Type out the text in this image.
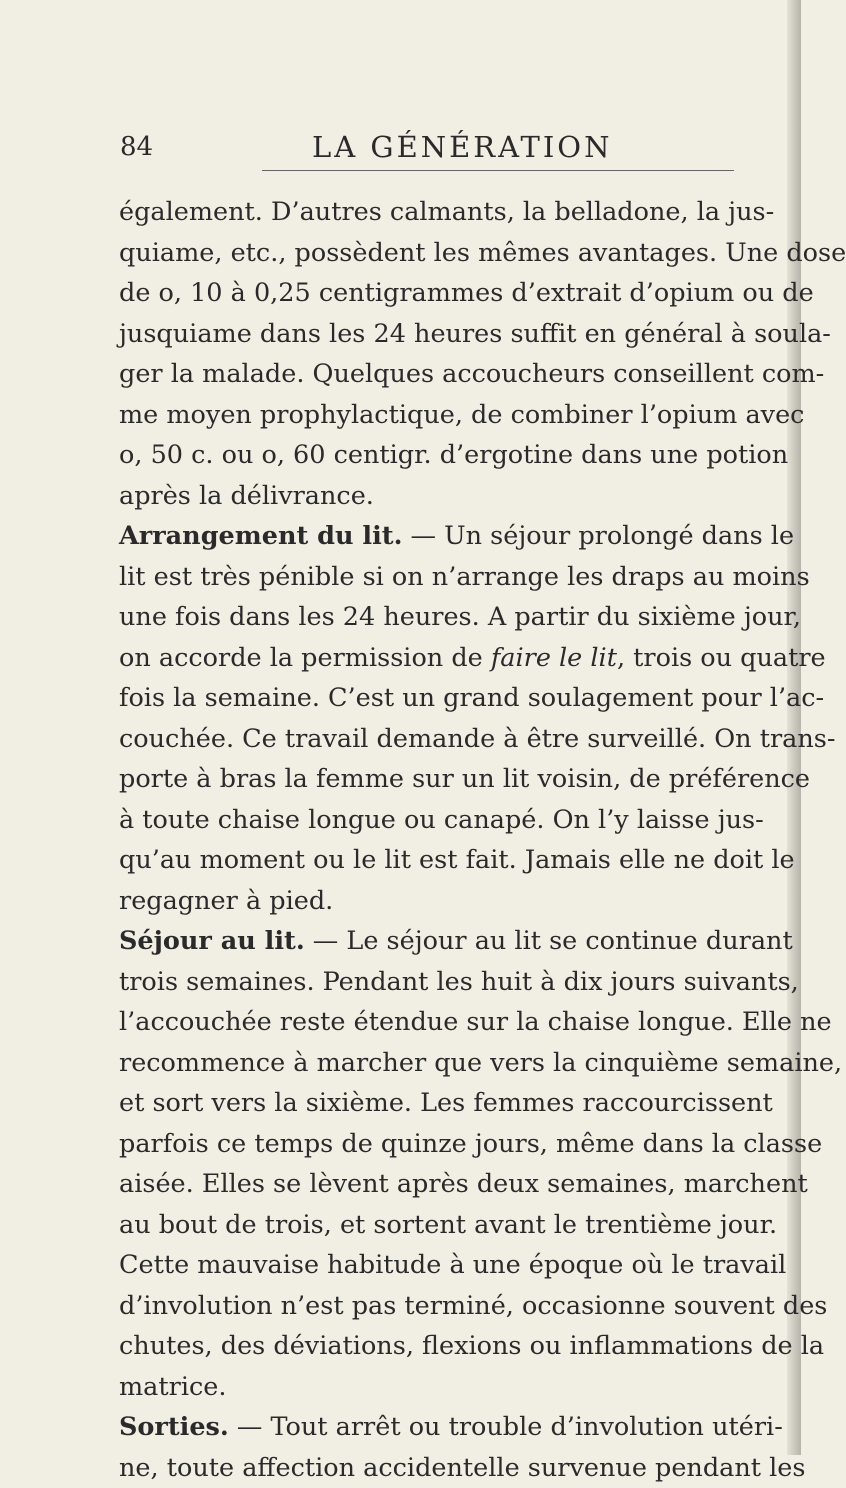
84	LA GÉNÉRATION
également. D’autres calmants, la belladone, la jus-
quiame, etc., possèdent les mêmes avantages. Une dose
de o, 10 à 0,25 centigrammes d’extrait d’opium ou de
jusquiame dans les 24 heures suffit en général à soula-
ger la malade. Quelques accoucheurs conseillent com-
me moyen prophylactique, de combiner l’opium avec
o, 50 c. ou o, 60 centigr. d’ergotine dans une potion
après la délivrance.
Arrangement du lit. — Un séjour prolongé dans le
lit est très pénible si on n’arrange les draps au moins
une fois dans les 24 heures. A partir du sixième jour,
on accorde la permission de faire le lit, trois ou quatre
fois la semaine. C’est un grand soulagement pour l’ac-
couchée. Ce travail demande à être surveillé. On trans-
porte à bras la femme sur un lit voisin, de préférence
à toute chaise longue ou canapé. On l’y laisse jus-
qu’au moment ou le lit est fait. Jamais elle ne doit le
regagner à pied.
Séjour au lit. — Le séjour au lit se continue durant
trois semaines. Pendant les huit à dix jours suivants,
l’accouchée reste étendue sur la chaise longue. Elle ne
recommence à marcher que vers la cinquième semaine,
et sort vers la sixième. Les femmes raccourcissent
parfois ce temps de quinze jours, même dans la classe
aisée. Elles se lèvent après deux semaines, marchent
au bout de trois, et sortent avant le trentième jour.
Cette mauvaise habitude à une époque où le travail
d’involution n’est pas terminé, occasionne souvent des
chutes, des déviations, flexions ou inflammations de la
matrice.
Sorties. — Tout arrêt ou trouble d’involution utéri-
ne, toute affection accidentelle survenue pendant les
